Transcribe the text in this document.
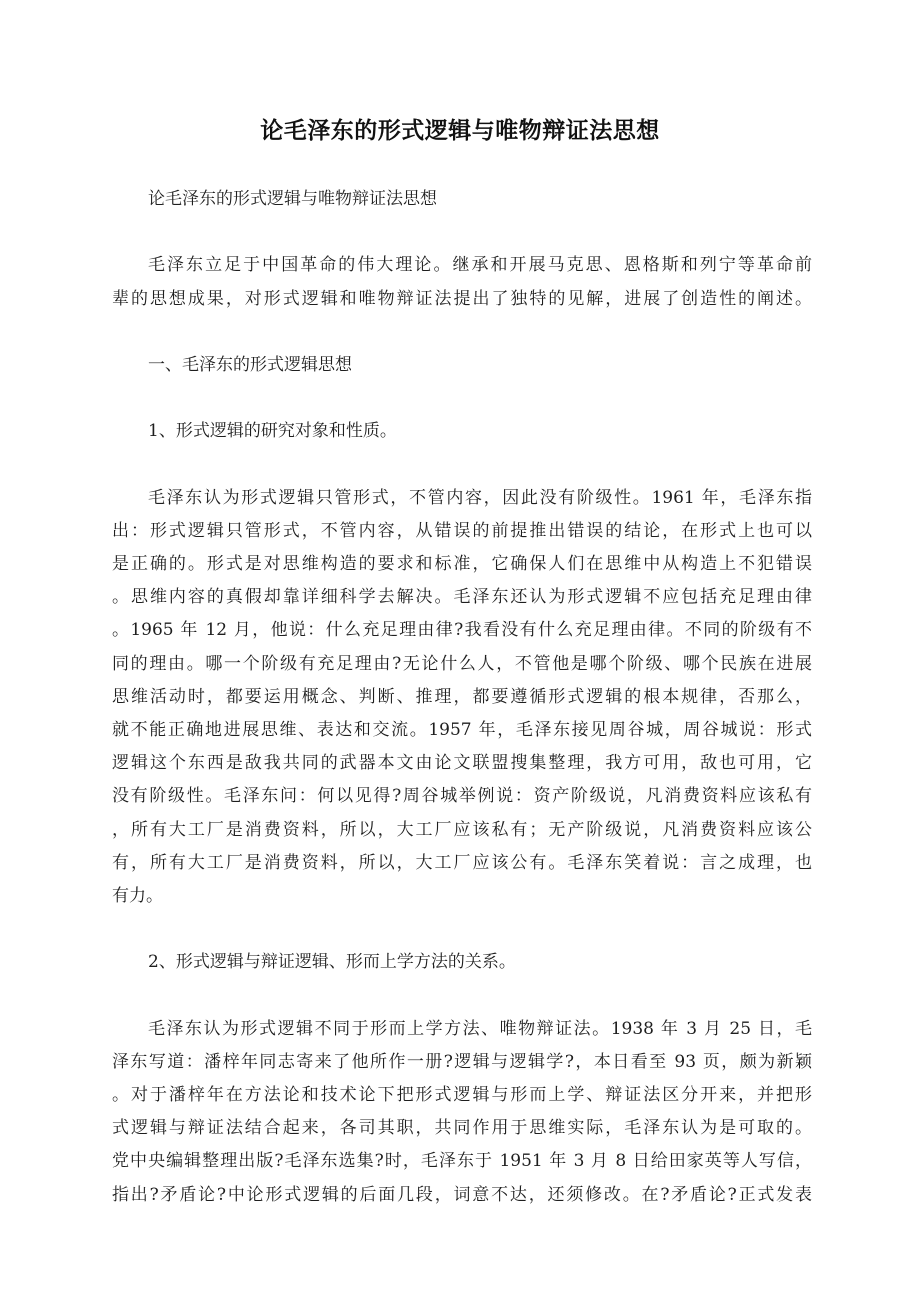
论毛泽东的形式逻辑与唯物辩证法思想
论毛泽东的形式逻辑与唯物辩证法思想
毛泽东立足于中国革命的伟大理论。继承和开展马克思、恩格斯和列宁等革命前
辈的思想成果，对形式逻辑和唯物辩证法提出了独特的见解，进展了创造性的阐述。
一、毛泽东的形式逻辑思想
1、形式逻辑的研究对象和性质。
毛泽东认为形式逻辑只管形式，不管内容，因此没有阶级性。1961 年，毛泽东指
出：形式逻辑只管形式，不管内容，从错误的前提推出错误的结论，在形式上也可以
是正确的。形式是对思维构造的要求和标准，它确保人们在思维中从构造上不犯错误
。思维内容的真假却靠详细科学去解决。毛泽东还认为形式逻辑不应包括充足理由律
。1965 年 12 月，他说：什么充足理由律?我看没有什么充足理由律。不同的阶级有不
同的理由。哪一个阶级有充足理由?无论什么人，不管他是哪个阶级、哪个民族在进展
思维活动时，都要运用概念、判断、推理，都要遵循形式逻辑的根本规律，否那么，
就不能正确地进展思维、表达和交流。1957 年，毛泽东接见周谷城，周谷城说：形式
逻辑这个东西是敌我共同的武器本文由论文联盟搜集整理，我方可用，敌也可用，它
没有阶级性。毛泽东问：何以见得?周谷城举例说：资产阶级说，凡消费资料应该私有
，所有大工厂是消费资料，所以，大工厂应该私有；无产阶级说，凡消费资料应该公
有，所有大工厂是消费资料，所以，大工厂应该公有。毛泽东笑着说：言之成理，也
有力。
2、形式逻辑与辩证逻辑、形而上学方法的关系。
毛泽东认为形式逻辑不同于形而上学方法、唯物辩证法。1938 年 3 月 25 日，毛
泽东写道：潘梓年同志寄来了他所作一册?逻辑与逻辑学?，本日看至 93 页，颇为新颖
。对于潘梓年在方法论和技术论下把形式逻辑与形而上学、辩证法区分开来，并把形
式逻辑与辩证法结合起来，各司其职，共同作用于思维实际，毛泽东认为是可取的。
党中央编辑整理出版?毛泽东选集?时，毛泽东于 1951 年 3 月 8 日给田家英等人写信，
指出?矛盾论?中论形式逻辑的后面几段，词意不达，还须修改。在?矛盾论?正式发表
